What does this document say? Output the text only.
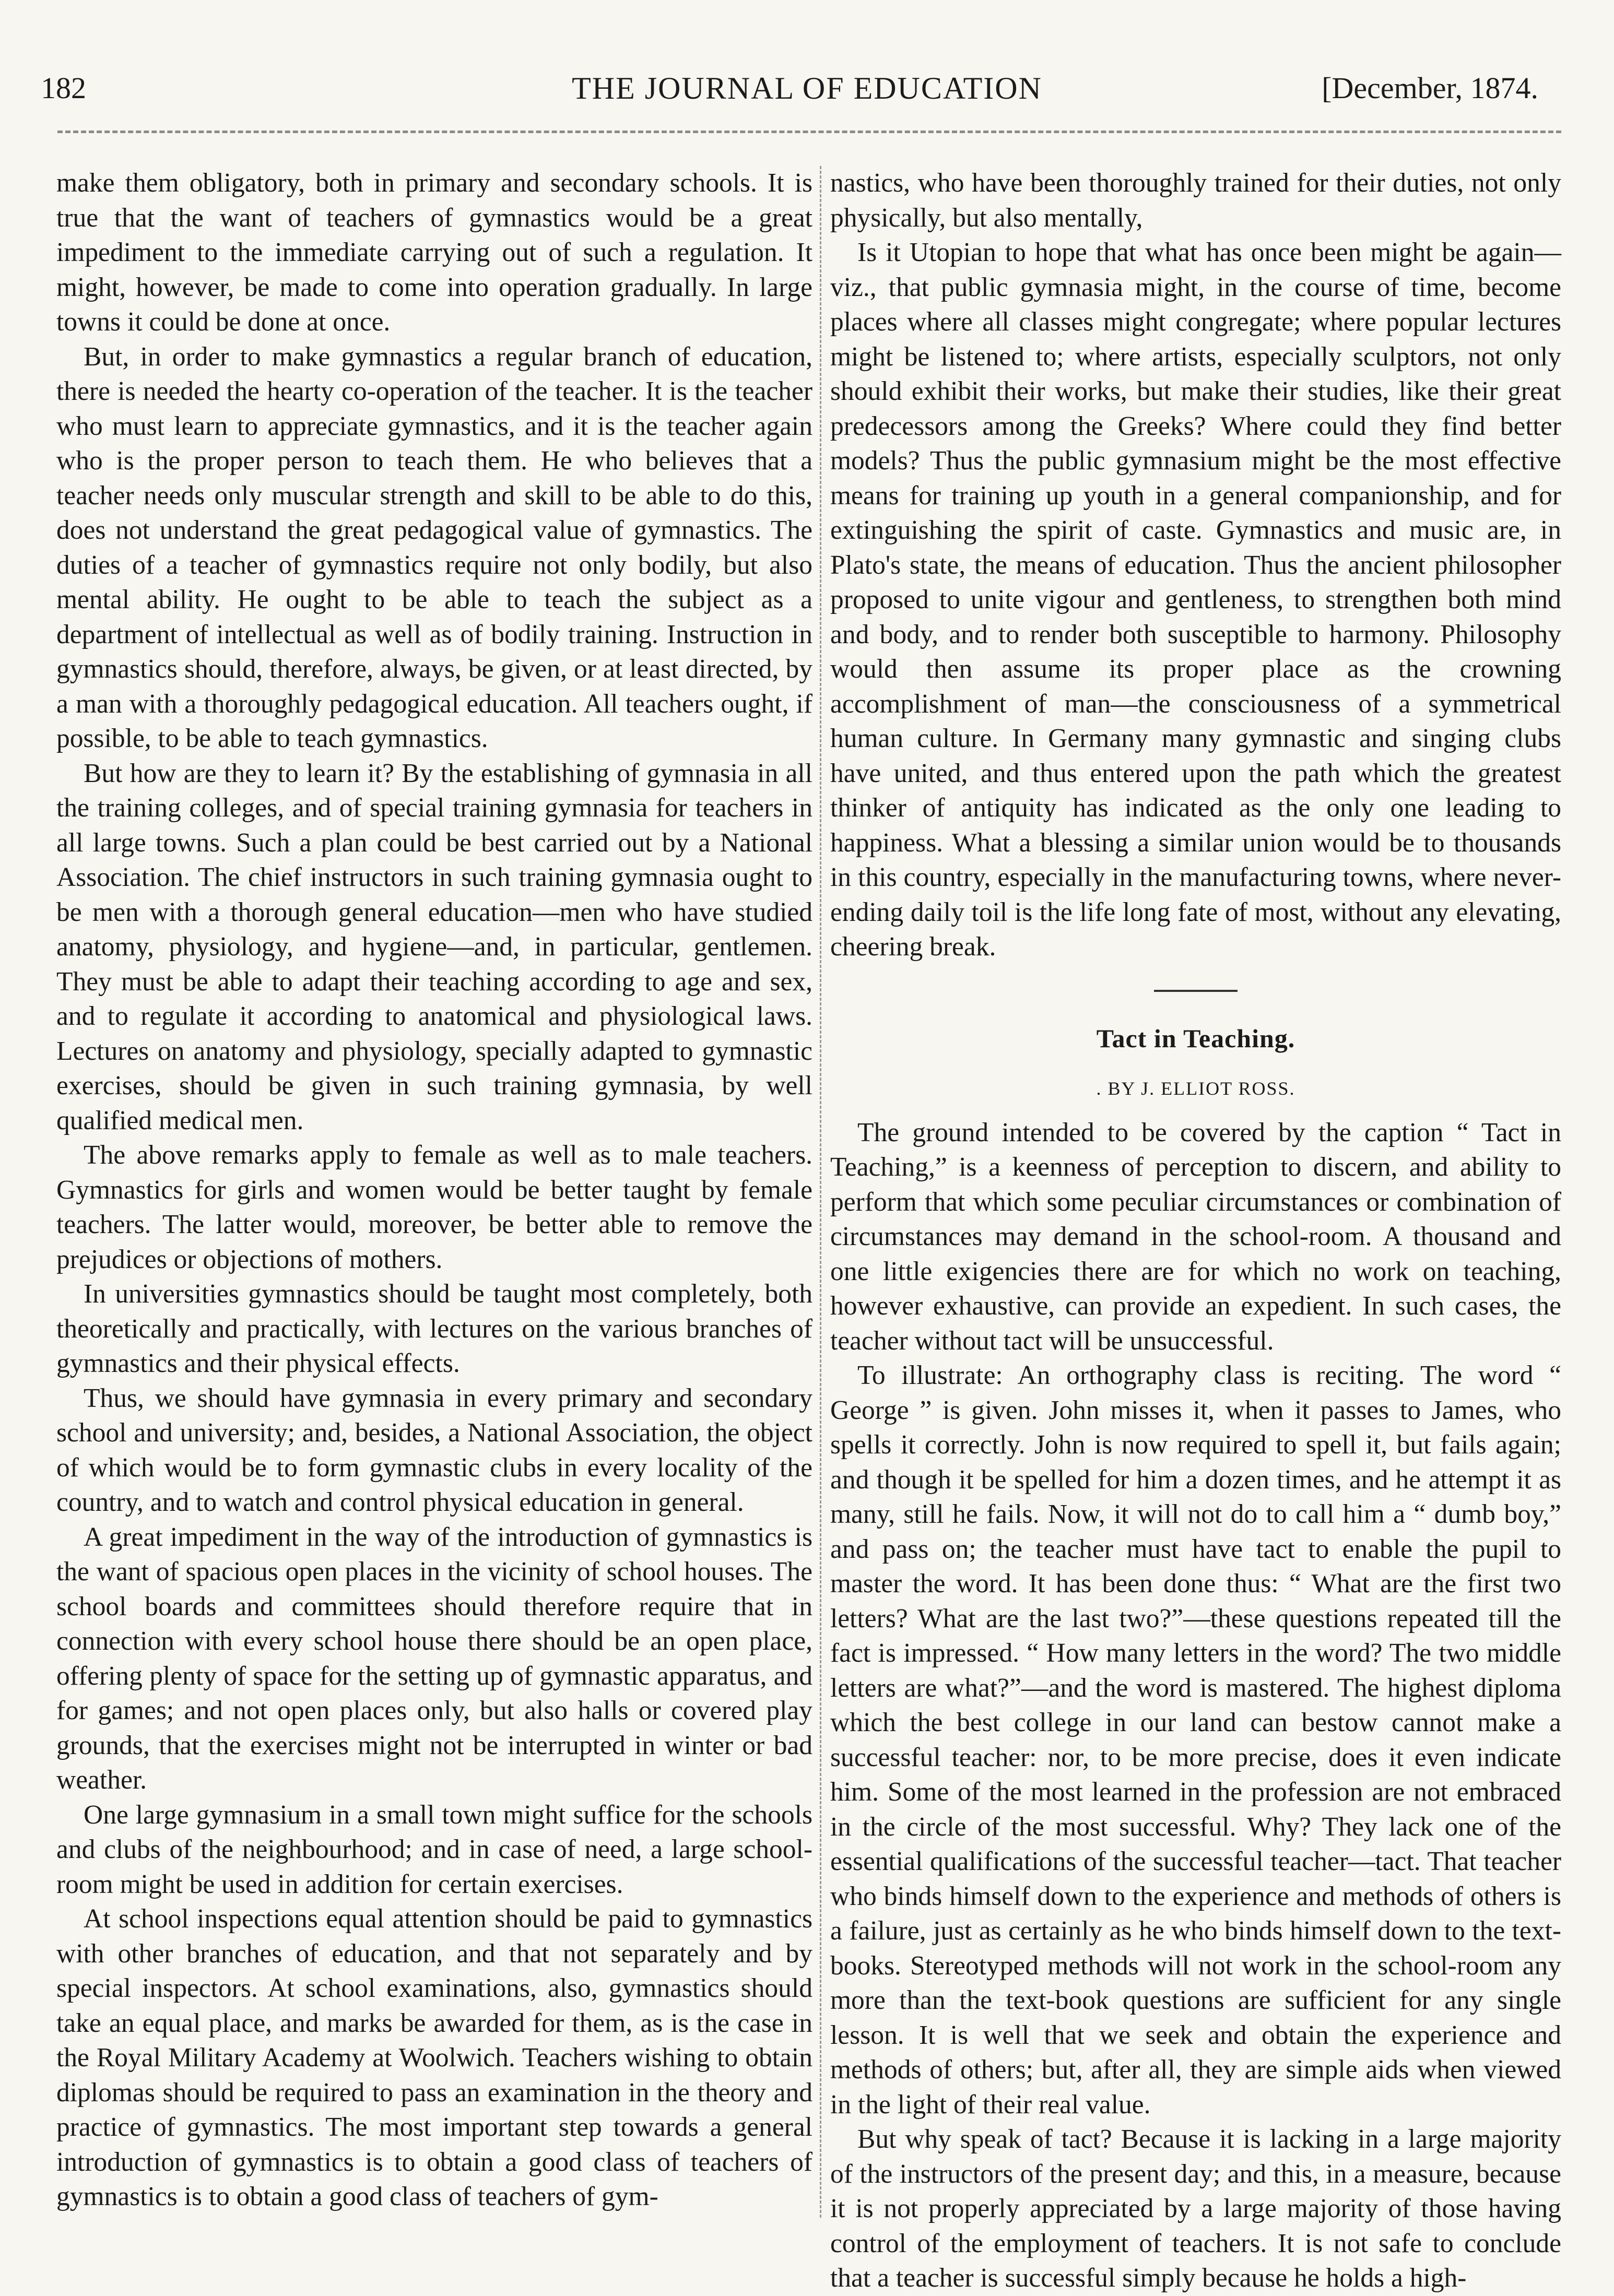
182	THE JOURNAL OF EDUCATION	[December, 1874.

make them obligatory, both in primary and secondary schools. It is true that the want of teachers of gymnastics would be a great impediment to the immediate carrying out of such a regulation. It might, however, be made to come into operation gradually. In large towns it could be done at once.

But, in order to make gymnastics a regular branch of education, there is needed the hearty co-operation of the teacher. It is the teacher who must learn to appreciate gymnastics, and it is the teacher again who is the proper person to teach them. He who believes that a teacher needs only muscular strength and skill to be able to do this, does not understand the great pedagogical value of gymnastics. The duties of a teacher of gymnastics require not only bodily, but also mental ability. He ought to be able to teach the subject as a department of intellectual as well as of bodily training. Instruction in gymnastics should, therefore, always, be given, or at least directed, by a man with a thoroughly pedagogical education. All teachers ought, if possible, to be able to teach gymnastics.

But how are they to learn it? By the establishing of gymnasia in all the training colleges, and of special training gymnasia for teachers in all large towns. Such a plan could be best carried out by a National Association. The chief instructors in such training gymnasia ought to be men with a thorough general education—men who have studied anatomy, physiology, and hygiene—and, in particular, gentlemen. They must be able to adapt their teaching according to age and sex, and to regulate it according to anatomical and physiological laws. Lectures on anatomy and physiology, specially adapted to gymnastic exercises, should be given in such training gymnasia, by well qualified medical men.

The above remarks apply to female as well as to male teachers. Gymnastics for girls and women would be better taught by female teachers. The latter would, moreover, be better able to remove the prejudices or objections of mothers.

In universities gymnastics should be taught most completely, both theoretically and practically, with lectures on the various branches of gymnastics and their physical effects.

Thus, we should have gymnasia in every primary and secondary school and university; and, besides, a National Association, the object of which would be to form gymnastic clubs in every locality of the country, and to watch and control physical education in general.

A great impediment in the way of the introduction of gymnastics is the want of spacious open places in the vicinity of school houses. The school boards and committees should therefore require that in connection with every school house there should be an open place, offering plenty of space for the setting up of gymnastic apparatus, and for games; and not open places only, but also halls or covered play grounds, that the exercises might not be interrupted in winter or bad weather.

One large gymnasium in a small town might suffice for the schools and clubs of the neighbourhood; and in case of need, a large school-room might be used in addition for certain exercises.

At school inspections equal attention should be paid to gymnastics with other branches of education, and that not separately and by special inspectors. At school examinations, also, gymnastics should take an equal place, and marks be awarded for them, as is the case in the Royal Military Academy at Woolwich. Teachers wishing to obtain diplomas should be required to pass an examination in the theory and practice of gymnastics. The most important step towards a general introduction of gymnastics is to obtain a good class of teachers of gymnastics is to obtain a good class of teachers of gym-

nastics, who have been thoroughly trained for their duties, not only physically, but also mentally,

Is it Utopian to hope that what has once been might be again—viz., that public gymnasia might, in the course of time, become places where all classes might congregate; where popular lectures might be listened to; where artists, especially sculptors, not only should exhibit their works, but make their studies, like their great predecessors among the Greeks? Where could they find better models? Thus the public gymnasium might be the most effective means for training up youth in a general companionship, and for extinguishing the spirit of caste. Gymnastics and music are, in Plato's state, the means of education. Thus the ancient philosopher proposed to unite vigour and gentleness, to strengthen both mind and body, and to render both susceptible to harmony. Philosophy would then assume its proper place as the crowning accomplishment of man—the consciousness of a symmetrical human culture. In Germany many gymnastic and singing clubs have united, and thus entered upon the path which the greatest thinker of antiquity has indicated as the only one leading to happiness. What a blessing a similar union would be to thousands in this country, especially in the manufacturing towns, where never-ending daily toil is the life long fate of most, without any elevating, cheering break.

Tact in Teaching.
. BY J. ELLIOT ROSS.

The ground intended to be covered by the caption “ Tact in Teaching,” is a keenness of perception to discern, and ability to perform that which some peculiar circumstances or combination of circumstances may demand in the school-room. A thousand and one little exigencies there are for which no work on teaching, however exhaustive, can provide an expedient. In such cases, the teacher without tact will be unsuccessful.

To illustrate: An orthography class is reciting. The word “ George ” is given. John misses it, when it passes to James, who spells it correctly. John is now required to spell it, but fails again; and though it be spelled for him a dozen times, and he attempt it as many, still he fails. Now, it will not do to call him a “ dumb boy,” and pass on; the teacher must have tact to enable the pupil to master the word. It has been done thus: “ What are the first two letters? What are the last two?”—these questions repeated till the fact is impressed. “ How many letters in the word? The two middle letters are what?”—and the word is mastered. The highest diploma which the best college in our land can bestow cannot make a successful teacher: nor, to be more precise, does it even indicate him. Some of the most learned in the profession are not embraced in the circle of the most successful. Why? They lack one of the essential qualifications of the successful teacher—tact. That teacher who binds himself down to the experience and methods of others is a failure, just as certainly as he who binds himself down to the text-books. Stereotyped methods will not work in the school-room any more than the text-book questions are sufficient for any single lesson. It is well that we seek and obtain the experience and methods of others; but, after all, they are simple aids when viewed in the light of their real value.

But why speak of tact? Because it is lacking in a large majority of the instructors of the present day; and this, in a measure, because it is not properly appreciated by a large majority of those having control of the employment of teachers. It is not safe to conclude that a teacher is successful simply because he holds a high-
